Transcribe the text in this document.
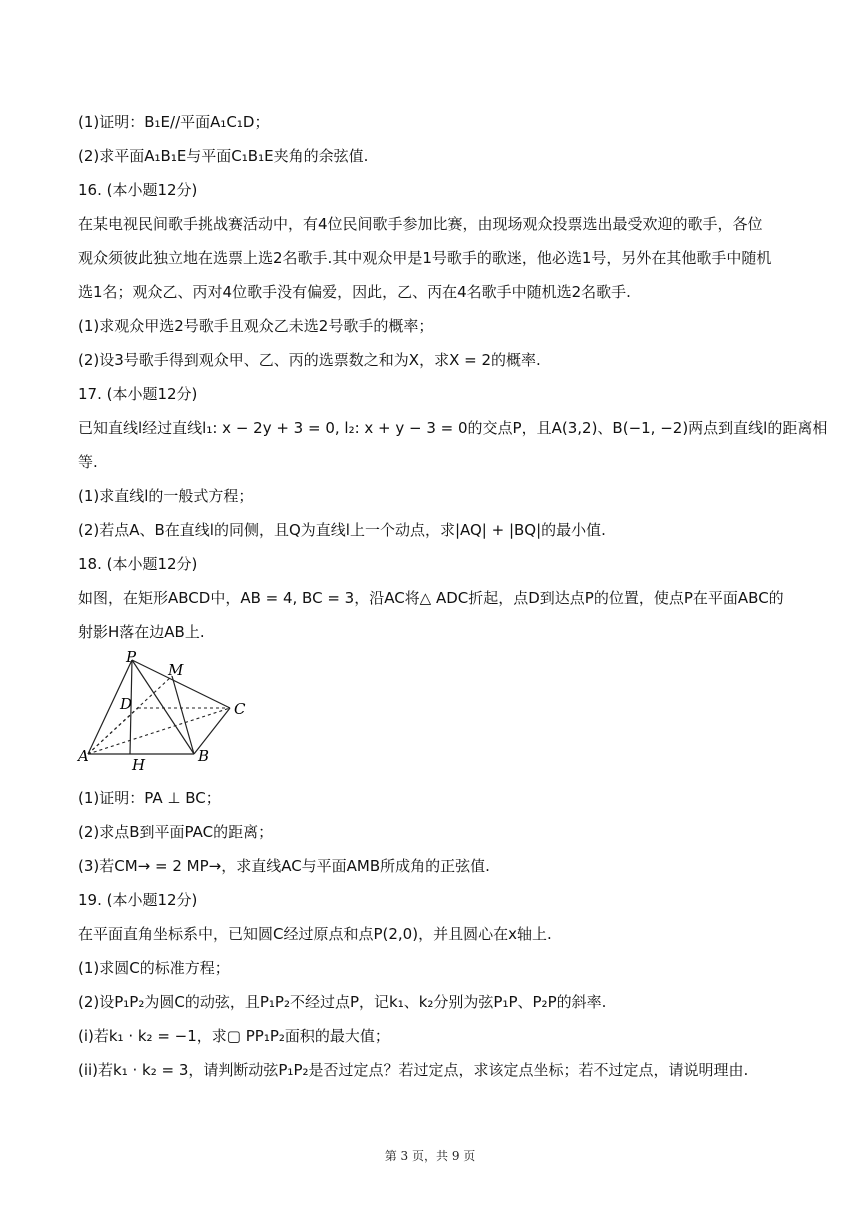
(1)证明：B₁E//平面A₁C₁D；
(2)求平面A₁B₁E与平面C₁B₁E夹角的余弦值.
16. (本小题12分)
在某电视民间歌手挑战赛活动中，有4位民间歌手参加比赛，由现场观众投票选出最受欢迎的歌手，各位
观众须彼此独立地在选票上选2名歌手.其中观众甲是1号歌手的歌迷，他必选1号，另外在其他歌手中随机
选1名；观众乙、丙对4位歌手没有偏爱，因此，乙、丙在4名歌手中随机选2名歌手.
(1)求观众甲选2号歌手且观众乙未选2号歌手的概率；
(2)设3号歌手得到观众甲、乙、丙的选票数之和为X，求X = 2的概率.
17. (本小题12分)
已知直线l经过直线l₁: x − 2y + 3 = 0, l₂: x + y − 3 = 0的交点P，且A(3,2)、B(−1, −2)两点到直线l的距离相
等.
(1)求直线l的一般式方程；
(2)若点A、B在直线l的同侧，且Q为直线l上一个动点，求|AQ| + |BQ|的最小值.
18. (本小题12分)
如图，在矩形ABCD中，AB = 4, BC = 3，沿AC将△ ADC折起，点D到达点P的位置，使点P在平面ABC的
射影H落在边AB上.
P
M
D	C
A	H	B
(1)证明：PA ⊥ BC；
(2)求点B到平面PAC的距离；
(3)若CM→ = 2 MP→，求直线AC与平面AMB所成角的正弦值.
19. (本小题12分)
在平面直角坐标系中，已知圆C经过原点和点P(2,0)，并且圆心在x轴上.
(1)求圆C的标准方程；
(2)设P₁P₂为圆C的动弦，且P₁P₂不经过点P，记k₁、k₂分别为弦P₁P、P₂P的斜率.
(i)若k₁ · k₂ = −1，求▢ PP₁P₂面积的最大值；
(ii)若k₁ · k₂ = 3，请判断动弦P₁P₂是否过定点？若过定点，求该定点坐标；若不过定点，请说明理由.
第 3 页，共 9 页
